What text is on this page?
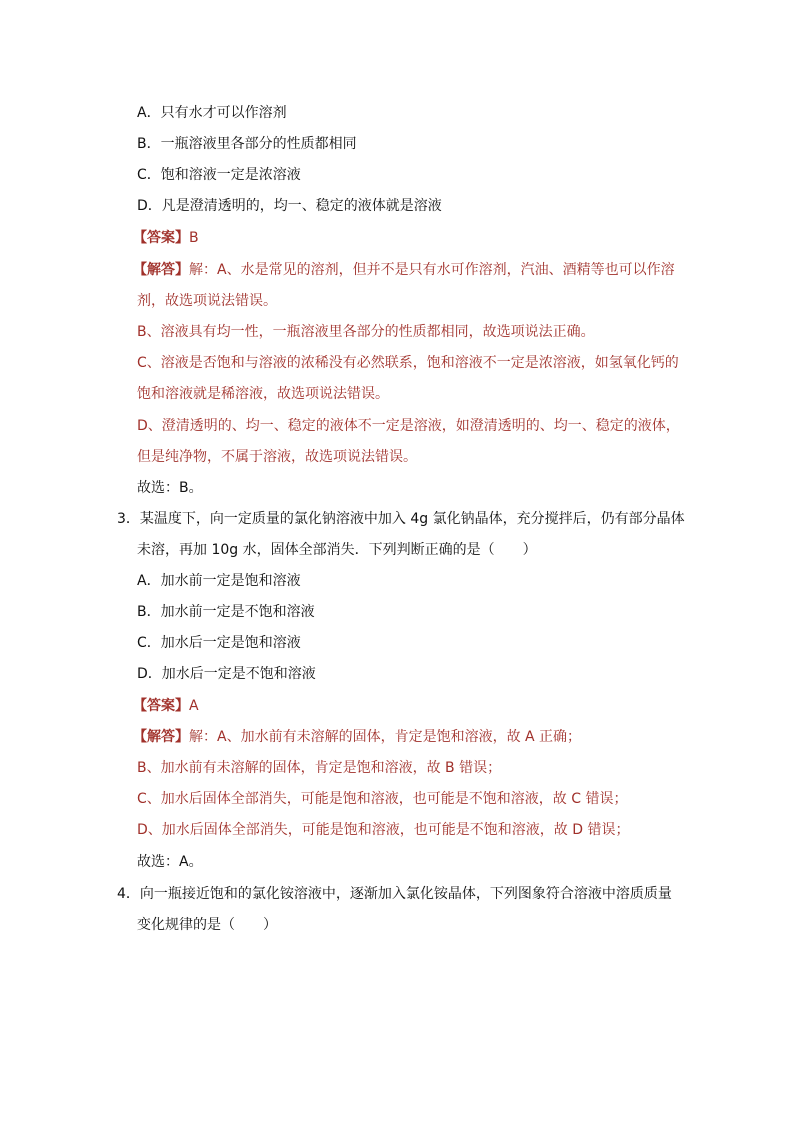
A．只有水才可以作溶剂
B．一瓶溶液里各部分的性质都相同
C．饱和溶液一定是浓溶液
D．凡是澄清透明的，均一、稳定的液体就是溶液
【答案】B
【解答】解：A、水是常见的溶剂，但并不是只有水可作溶剂，汽油、酒精等也可以作溶
剂，故选项说法错误。
B、溶液具有均一性，一瓶溶液里各部分的性质都相同，故选项说法正确。
C、溶液是否饱和与溶液的浓稀没有必然联系，饱和溶液不一定是浓溶液，如氢氧化钙的
饱和溶液就是稀溶液，故选项说法错误。
D、澄清透明的、均一、稳定的液体不一定是溶液，如澄清透明的、均一、稳定的液体，
但是纯净物，不属于溶液，故选项说法错误。
故选：B。
3．某温度下，向一定质量的氯化钠溶液中加入 4g 氯化钠晶体，充分搅拌后，仍有部分晶体
未溶，再加 10g 水，固体全部消失．下列判断正确的是（　　）
A．加水前一定是饱和溶液
B．加水前一定是不饱和溶液
C．加水后一定是饱和溶液
D．加水后一定是不饱和溶液
【答案】A
【解答】解：A、加水前有未溶解的固体，肯定是饱和溶液，故 A 正确；
B、加水前有未溶解的固体，肯定是饱和溶液，故 B 错误；
C、加水后固体全部消失，可能是饱和溶液，也可能是不饱和溶液，故 C 错误；
D、加水后固体全部消失，可能是饱和溶液，也可能是不饱和溶液，故 D 错误；
故选：A。
4．向一瓶接近饱和的氯化铵溶液中，逐渐加入氯化铵晶体，下列图象符合溶液中溶质质量
变化规律的是（　　）
